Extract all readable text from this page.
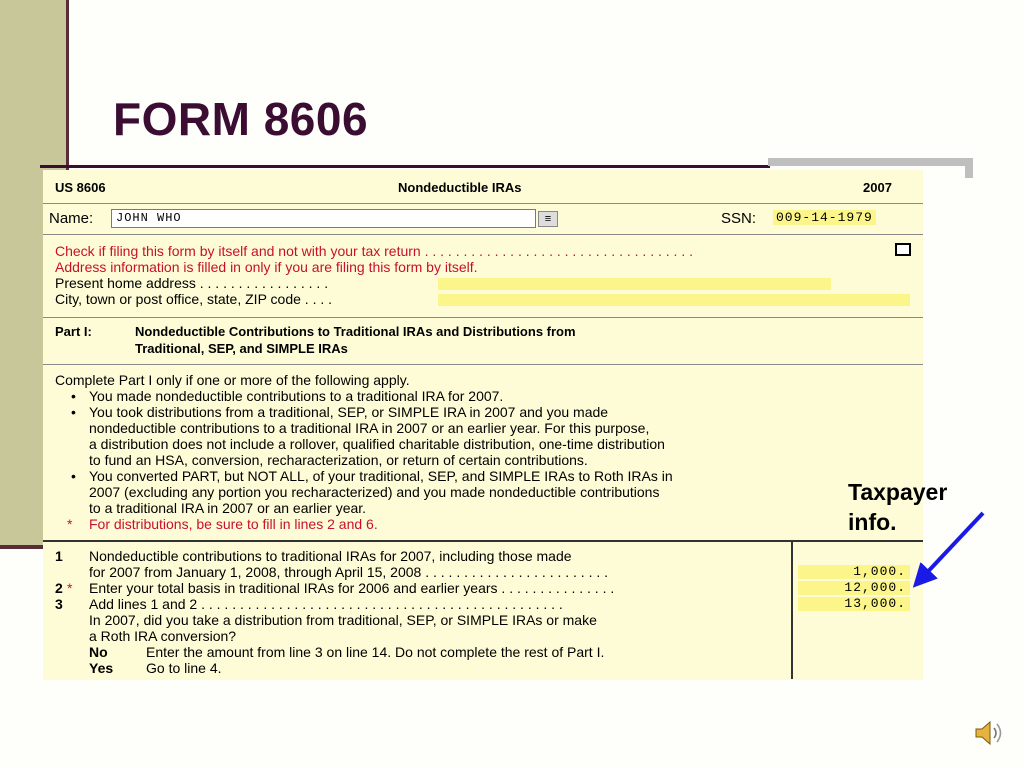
FORM 8606
US 8606	Nondeductible IRAs	2007
Name:	JOHN WHO	≡	SSN: 009-14-1979
Check if filing this form by itself and not with your tax return . . . . . . . . . . . . . . . . . . . . . . . . . . . . . . . . . . .
Address information is filled in only if you are filing this form by itself.
Present home address . . . . . . . . . . . . . . . . .
City, town or post office, state, ZIP code . . . .
Part I:	Nondeductible Contributions to Traditional IRAs and Distributions from
Traditional, SEP, and SIMPLE IRAs
Complete Part I only if one or more of the following apply.
• You made nondeductible contributions to a traditional IRA for 2007.
• You took distributions from a traditional, SEP, or SIMPLE IRA in 2007 and you made
nondeductible contributions to a traditional IRA in 2007 or an earlier year. For this purpose,
a distribution does not include a rollover, qualified charitable distribution, one-time distribution
to fund an HSA, conversion, recharacterization, or return of certain contributions.
• You converted PART, but NOT ALL, of your traditional, SEP, and SIMPLE IRAs to Roth IRAs in
2007 (excluding any portion you recharacterized) and you made nondeductible contributions
to a traditional IRA in 2007 or an earlier year.
* For distributions, be sure to fill in lines 2 and 6.
1 Nondeductible contributions to traditional IRAs for 2007, including those made
for 2007 from January 1, 2008, through April 15, 2008 . . . . . . . . . . . . . . . . . . . . . . . .	1,000.
2 * Enter your total basis in traditional IRAs for 2006 and earlier years . . . . . . . . . . . . . . .	12,000.
3 Add lines 1 and 2 . . . . . . . . . . . . . . . . . . . . . . . . . . . . . . . . . . . . . . . . . . . . . . .	13,000.
In 2007, did you take a distribution from traditional, SEP, or SIMPLE IRAs or make
a Roth IRA conversion?
No	Enter the amount from line 3 on line 14. Do not complete the rest of Part I.
Yes Go to line 4.
Taxpayer
info.
